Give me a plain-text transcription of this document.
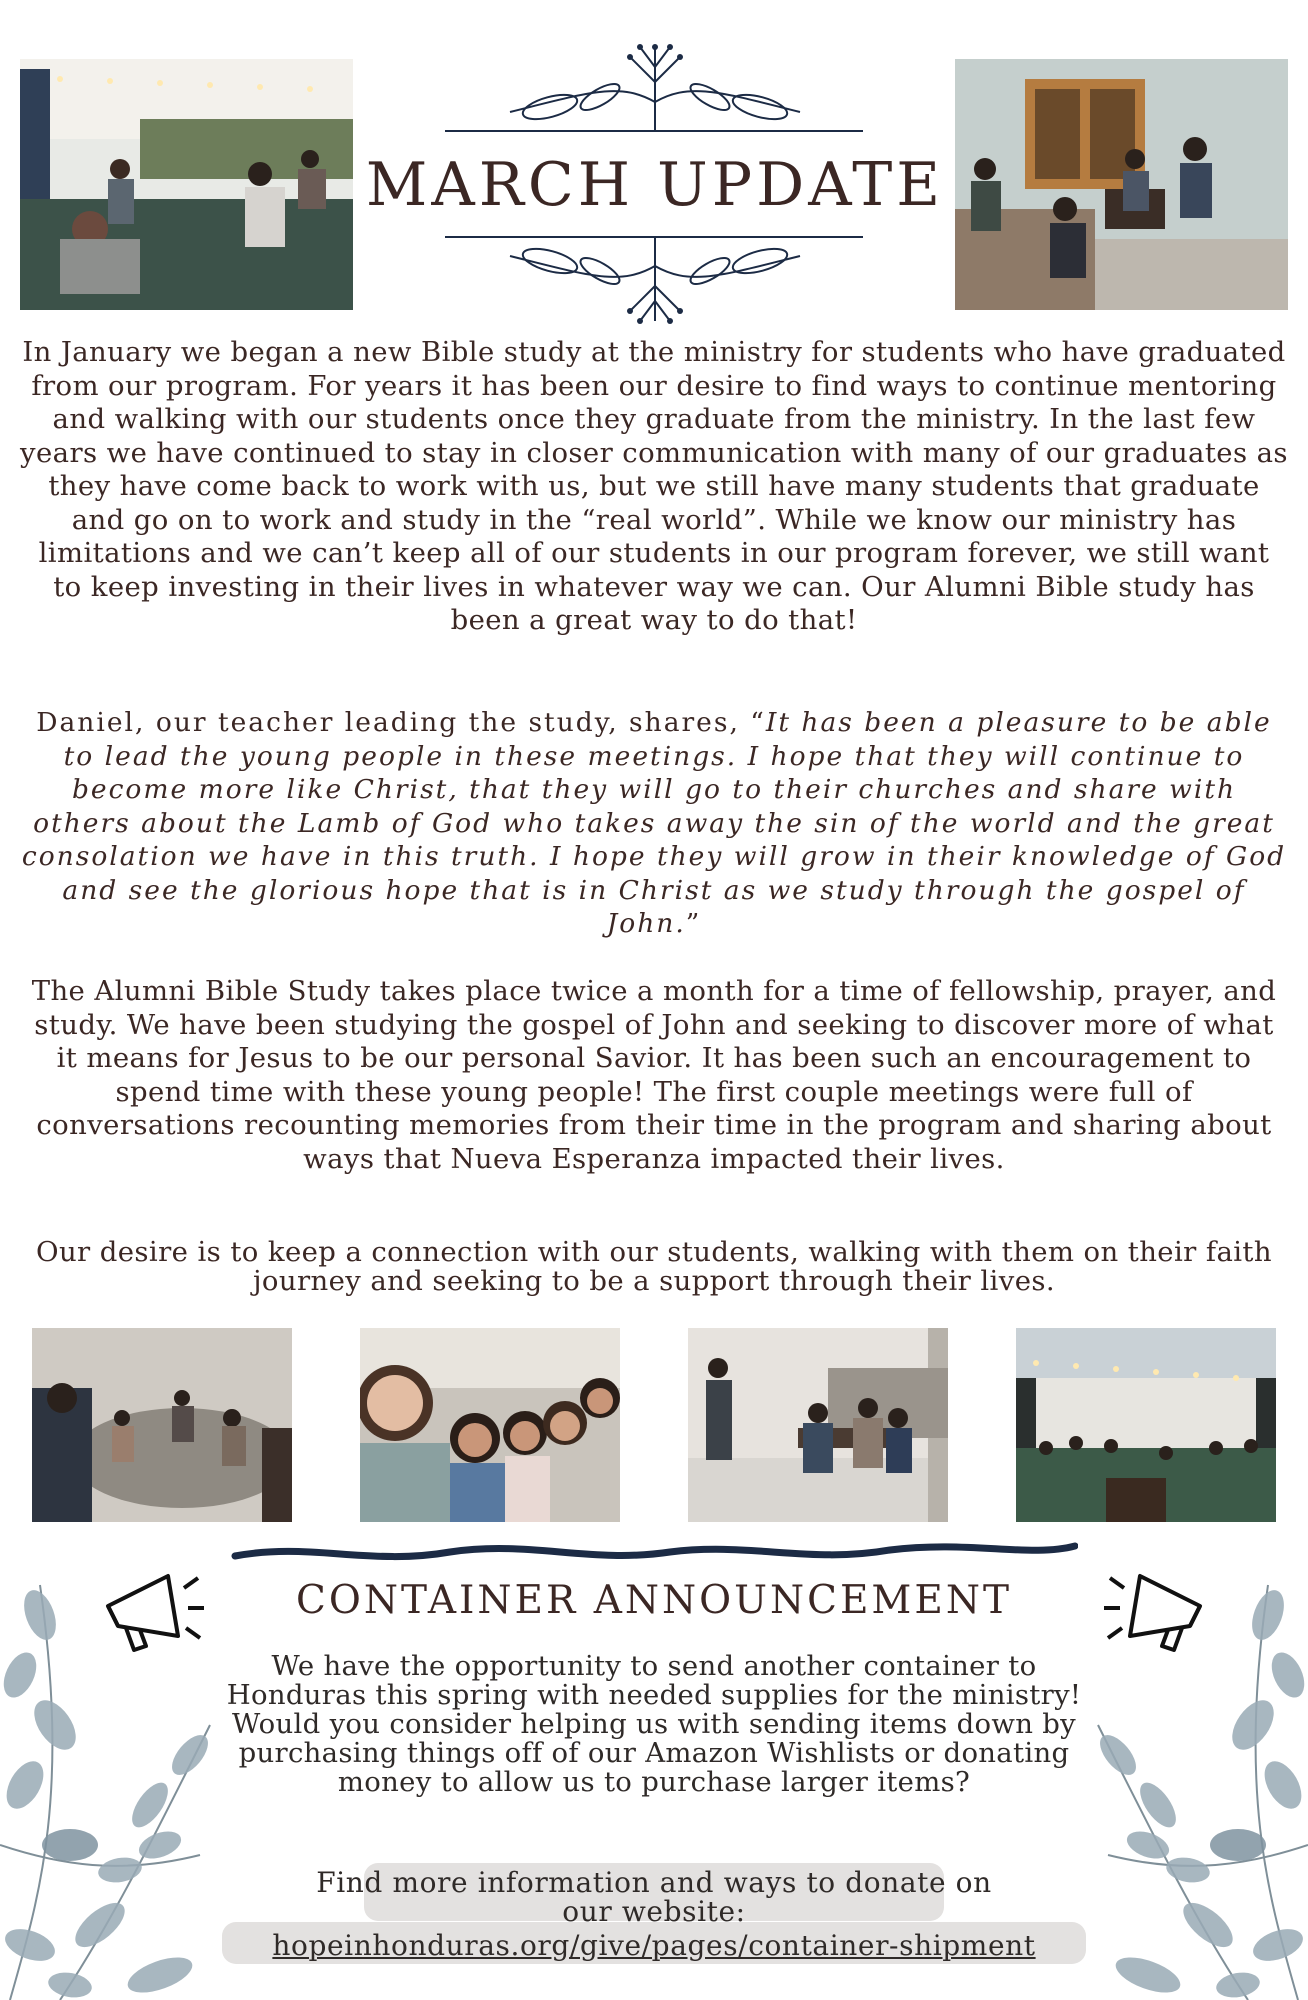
MARCH UPDATE
In January we began a new Bible study at the ministry for students who have graduated from our program. For years it has been our desire to find ways to continue mentoring and walking with our students once they graduate from the ministry. In the last few years we have continued to stay in closer communication with many of our graduates as they have come back to work with us, but we still have many students that graduate and go on to work and study in the “real world”. While we know our ministry has limitations and we can’t keep all of our students in our program forever, we still want to keep investing in their lives in whatever way we can. Our Alumni Bible study has been a great way to do that!
Daniel, our teacher leading the study, shares, “It has been a pleasure to be able to lead the young people in these meetings. I hope that they will continue to become more like Christ, that they will go to their churches and share with others about the Lamb of God who takes away the sin of the world and the great consolation we have in this truth. I hope they will grow in their knowledge of God and see the glorious hope that is in Christ as we study through the gospel of John.”
The Alumni Bible Study takes place twice a month for a time of fellowship, prayer, and study. We have been studying the gospel of John and seeking to discover more of what it means for Jesus to be our personal Savior. It has been such an encouragement to spend time with these young people! The first couple meetings were full of conversations recounting memories from their time in the program and sharing about ways that Nueva Esperanza impacted their lives.
Our desire is to keep a connection with our students, walking with them on their faith journey and seeking to be a support through their lives.
CONTAINER ANNOUNCEMENT
We have the opportunity to send another container to Honduras this spring with needed supplies for the ministry! Would you consider helping us with sending items down by purchasing things off of our Amazon Wishlists or donating money to allow us to purchase larger items?
Find more information and ways to donate on our website:
hopeinhonduras.org/give/pages/container-shipment
